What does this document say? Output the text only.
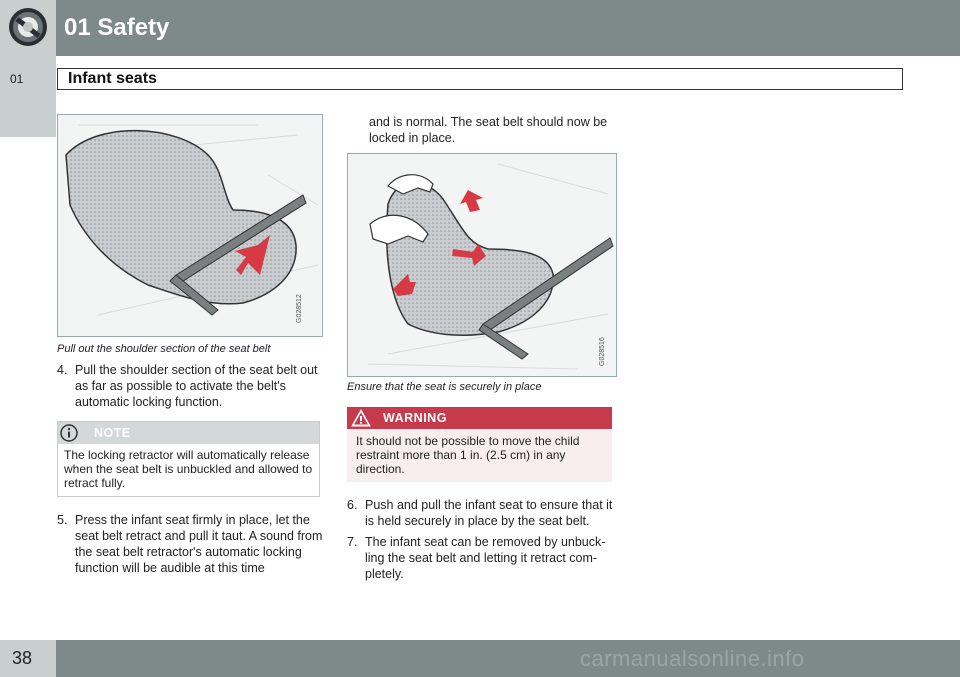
01 Safety
01	Infant seats
G028512
Pull out the shoulder section of the seat belt
4. Pull the shoulder section of the seat belt out as far as possible to activate the belt's automatic locking function.
NOTE
The locking retractor will automatically release when the seat belt is unbuckled and allowed to retract fully.
5. Press the infant seat firmly in place, let the seat belt retract and pull it taut. A sound from the seat belt retractor's automatic locking function will be audible at this time
and is normal. The seat belt should now be locked in place.
G028516
Ensure that the seat is securely in place
WARNING
It should not be possible to move the child restraint more than 1 in. (2.5 cm) in any direction.
6. Push and pull the infant seat to ensure that it is held securely in place by the seat belt.
7. The infant seat can be removed by unbuck-ling the seat belt and letting it retract com-pletely.
38	carmanualsonline.info
